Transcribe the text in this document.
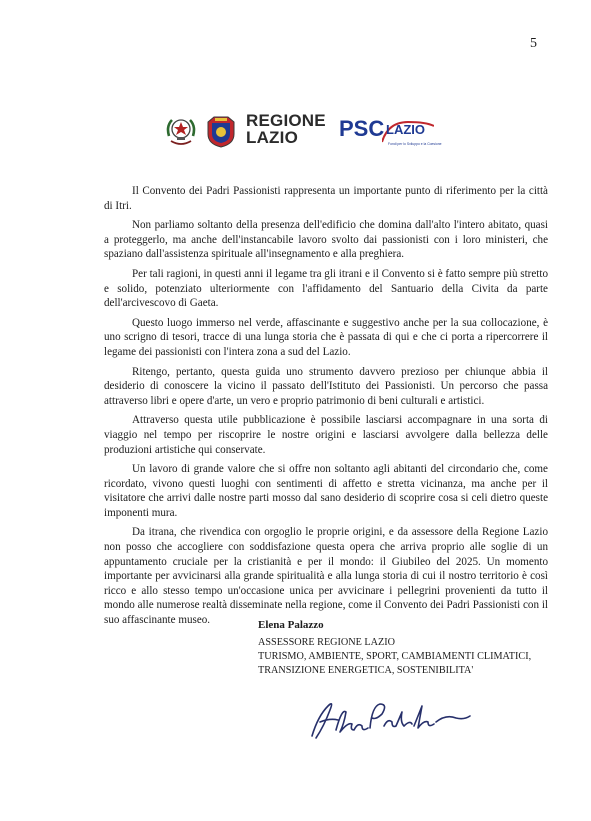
5
REGIONE
LAZIO	PSC LAZIO
Fondi per lo Sviluppo e la Coesione

Il Convento dei Padri Passionisti rappresenta un importante punto di riferimento per la città di Itri.

Non parliamo soltanto della presenza dell'edificio che domina dall'alto l'intero abitato, quasi a proteggerlo, ma anche dell'instancabile lavoro svolto dai passionisti con i loro ministeri, che spaziano dall'assistenza spirituale all'insegnamento e alla preghiera.

Per tali ragioni, in questi anni il legame tra gli itrani e il Convento si è fatto sempre più stretto e solido, potenziato ulteriormente con l'affidamento del Santuario della Civita da parte dell'arcivescovo di Gaeta.

Questo luogo immerso nel verde, affascinante e suggestivo anche per la sua collocazione, è uno scrigno di tesori, tracce di una lunga storia che è passata di qui e che ci porta a ripercorrere il legame dei passionisti con l'intera zona a sud del Lazio.

Ritengo, pertanto, questa guida uno strumento davvero prezioso per chiunque abbia il desiderio di conoscere la vicino il passato dell'Istituto dei Passionisti. Un percorso che passa attraverso libri e opere d'arte, un vero e proprio patrimonio di beni culturali e artistici.

Attraverso questa utile pubblicazione è possibile lasciarsi accompagnare in una sorta di viaggio nel tempo per riscoprire le nostre origini e lasciarsi avvolgere dalla bellezza delle produzioni artistiche qui conservate.

Un lavoro di grande valore che si offre non soltanto agli abitanti del circondario che, come ricordato, vivono questi luoghi con sentimenti di affetto e stretta vicinanza, ma anche per il visitatore che arrivi dalle nostre parti mosso dal sano desiderio di scoprire cosa si celi dietro queste imponenti mura.

Da itrana, che rivendica con orgoglio le proprie origini, e da assessore della Regione Lazio non posso che accogliere con soddisfazione questa opera che arriva proprio alle soglie di un appuntamento cruciale per la cristianità e per il mondo: il Giubileo del 2025. Un momento importante per avvicinarsi alla grande spiritualità e alla lunga storia di cui il nostro territorio è così ricco e allo stesso tempo un'occasione unica per avvicinare i pellegrini provenienti da tutto il mondo alle numerose realtà disseminate nella regione, come il Convento dei Padri Passionisti con il suo affascinante museo.	Elena Palazzo
ASSESSORE REGIONE LAZIO
TURISMO, AMBIENTE, SPORT, CAMBIAMENTI CLIMATICI,
TRANSIZIONE ENERGETICA, SOSTENIBILITA'
